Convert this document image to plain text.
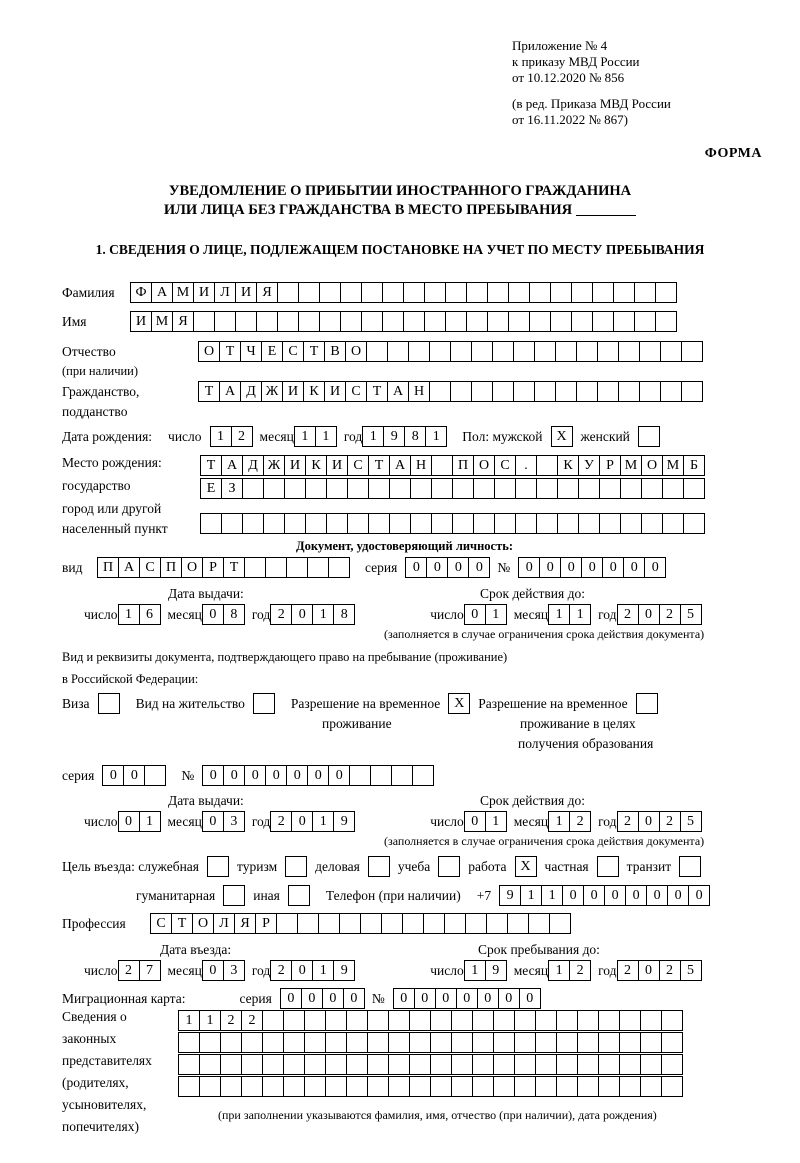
Приложение № 4
к приказу МВД России
от 10.12.2020 № 856
(в ред. Приказа МВД России
от 16.11.2022 № 867)
ФОРМА
УВЕДОМЛЕНИЕ О ПРИБЫТИИ ИНОСТРАННОГО ГРАЖДАНИНА
ИЛИ ЛИЦА БЕЗ ГРАЖДАНСТВА В МЕСТО ПРЕБЫВАНИЯ
1. СВЕДЕНИЯ О ЛИЦЕ, ПОДЛЕЖАЩЕМ ПОСТАНОВКЕ НА УЧЕТ ПО МЕСТУ ПРЕБЫВАНИЯ
Фамилия	Ф А М И Л И Я
Имя	И М Я
Отчество	О Т Ч Е С Т В О
(при наличии)
Гражданство,	Т А Д Ж И К И С Т А Н
подданство
Дата рождения: число	1	2	месяц 1	1	год 1	9	8	1	Пол: мужской X	женский
Место рождения:	Т А Д Ж И К И С Т А Н	П О С	.	К У Р М О М Б
государство	Е З
город или другой
населенный пункт
Документ, удостоверяющий личность:
вид	П А С П О Р Т	серия	0	0	0	0	№	0	0	0	0	0	0	0
Дата выдачи:	Срок действия до:
число 1	6	месяц 0	8	год 2	0	1	8	число 0	1	месяц 1	1	год 2	0	2	5
(заполняется в случае ограничения срока действия документа)
Вид и реквизиты документа, подтверждающего право на пребывание (проживание)
в Российской Федерации:
Виза	Вид на жительство	Разрешение на временное X	Разрешение на временное
проживание	проживание в целях
получения образования
серия	0	0	№	0	0	0	0	0	0	0
Дата выдачи:	Срок действия до:
число 0	1	месяц 0	3	год 2	0	1	9	число 0	1	месяц 1	2	год 2	0	2	5
(заполняется в случае ограничения срока действия документа)
Цель въезда: служебная	туризм	деловая	учеба	работа X	частная	транзит
гуманитарная	иная	Телефон (при наличии) +7	9	1	1	0	0	0	0	0	0	0
Профессия	С Т О Л Я Р
Дата въезда:	Срок пребывания до:
число 2	7	месяц 0	3	год 2	0	1	9	число 1	9	месяц 1	2	год 2	0	2	5
Миграционная карта:	серия	0	0	0	0	№	0	0	0	0	0	0	0
Сведения о
законных
представителях
(родителях,
усыновителях,
попечителях)
1	1	2	2
(при заполнении указываются фамилия, имя, отчество (при наличии), дата рождения)
